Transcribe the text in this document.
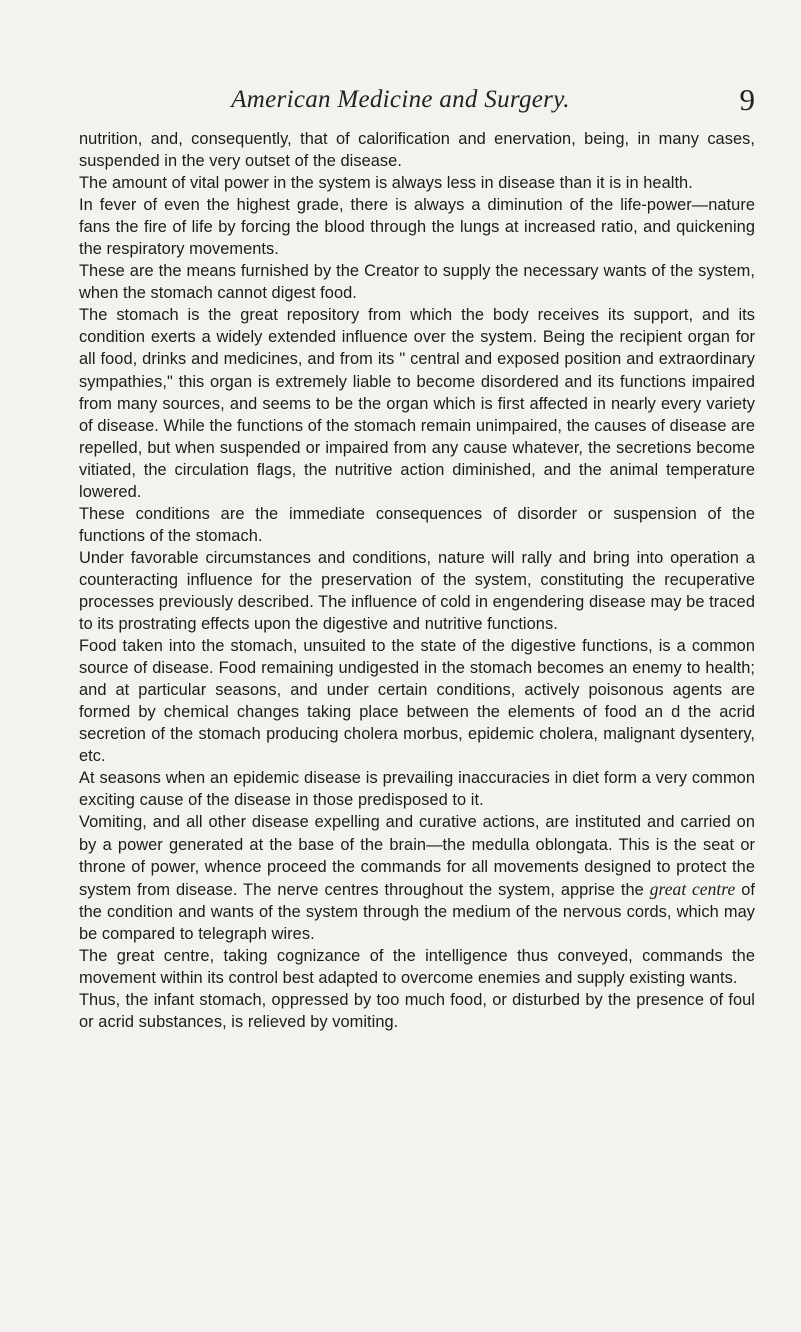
American Medicine and Surgery.	9

nutrition, and, consequently, that of calorification and enervation, being, in many cases, suspended in the very outset of the disease.

The amount of vital power in the system is always less in disease than it is in health.

In fever of even the highest grade, there is always a diminution of the life-power—nature fans the fire of life by forcing the blood through the lungs at increased ratio, and quickening the respiratory movements.

These are the means furnished by the Creator to supply the necessary wants of the system, when the stomach cannot digest food.

The stomach is the great repository from which the body receives its support, and its condition exerts a widely extended influence over the system. Being the recipient organ for all food, drinks and medicines, and from its " central and exposed position and extraordinary sympathies," this organ is extremely liable to become disordered and its functions impaired from many sources, and seems to be the organ which is first affected in nearly every variety of disease. While the functions of the stomach remain unimpaired, the causes of disease are repelled, but when suspended or impaired from any cause whatever, the secretions become vitiated, the circulation flags, the nutritive action diminished, and the animal temperature lowered.

These conditions are the immediate consequences of disorder or suspension of the functions of the stomach.

Under favorable circumstances and conditions, nature will rally and bring into operation a counteracting influence for the preservation of the system, constituting the recuperative processes previously described. The influence of cold in engendering disease may be traced to its prostrating effects upon the digestive and nutritive functions.

Food taken into the stomach, unsuited to the state of the digestive functions, is a common source of disease. Food remaining undigested in the stomach becomes an enemy to health; and at particular seasons, and under certain conditions, actively poisonous agents are formed by chemical changes taking place between the elements of food an d the acrid secretion of the stomach producing cholera morbus, epidemic cholera, malignant dysentery, etc.

At seasons when an epidemic disease is prevailing inaccuracies in diet form a very common exciting cause of the disease in those predisposed to it.

Vomiting, and all other disease expelling and curative actions, are instituted and carried on by a power generated at the base of the brain—the medulla oblongata. This is the seat or throne of power, whence proceed the commands for all movements designed to protect the system from disease. The nerve centres throughout the system, apprise the great centre of the condition and wants of the system through the medium of the nervous cords, which may be compared to telegraph wires.

The great centre, taking cognizance of the intelligence thus conveyed, commands the movement within its control best adapted to overcome enemies and supply existing wants.

Thus, the infant stomach, oppressed by too much food, or disturbed by the presence of foul or acrid substances, is relieved by vomiting.
